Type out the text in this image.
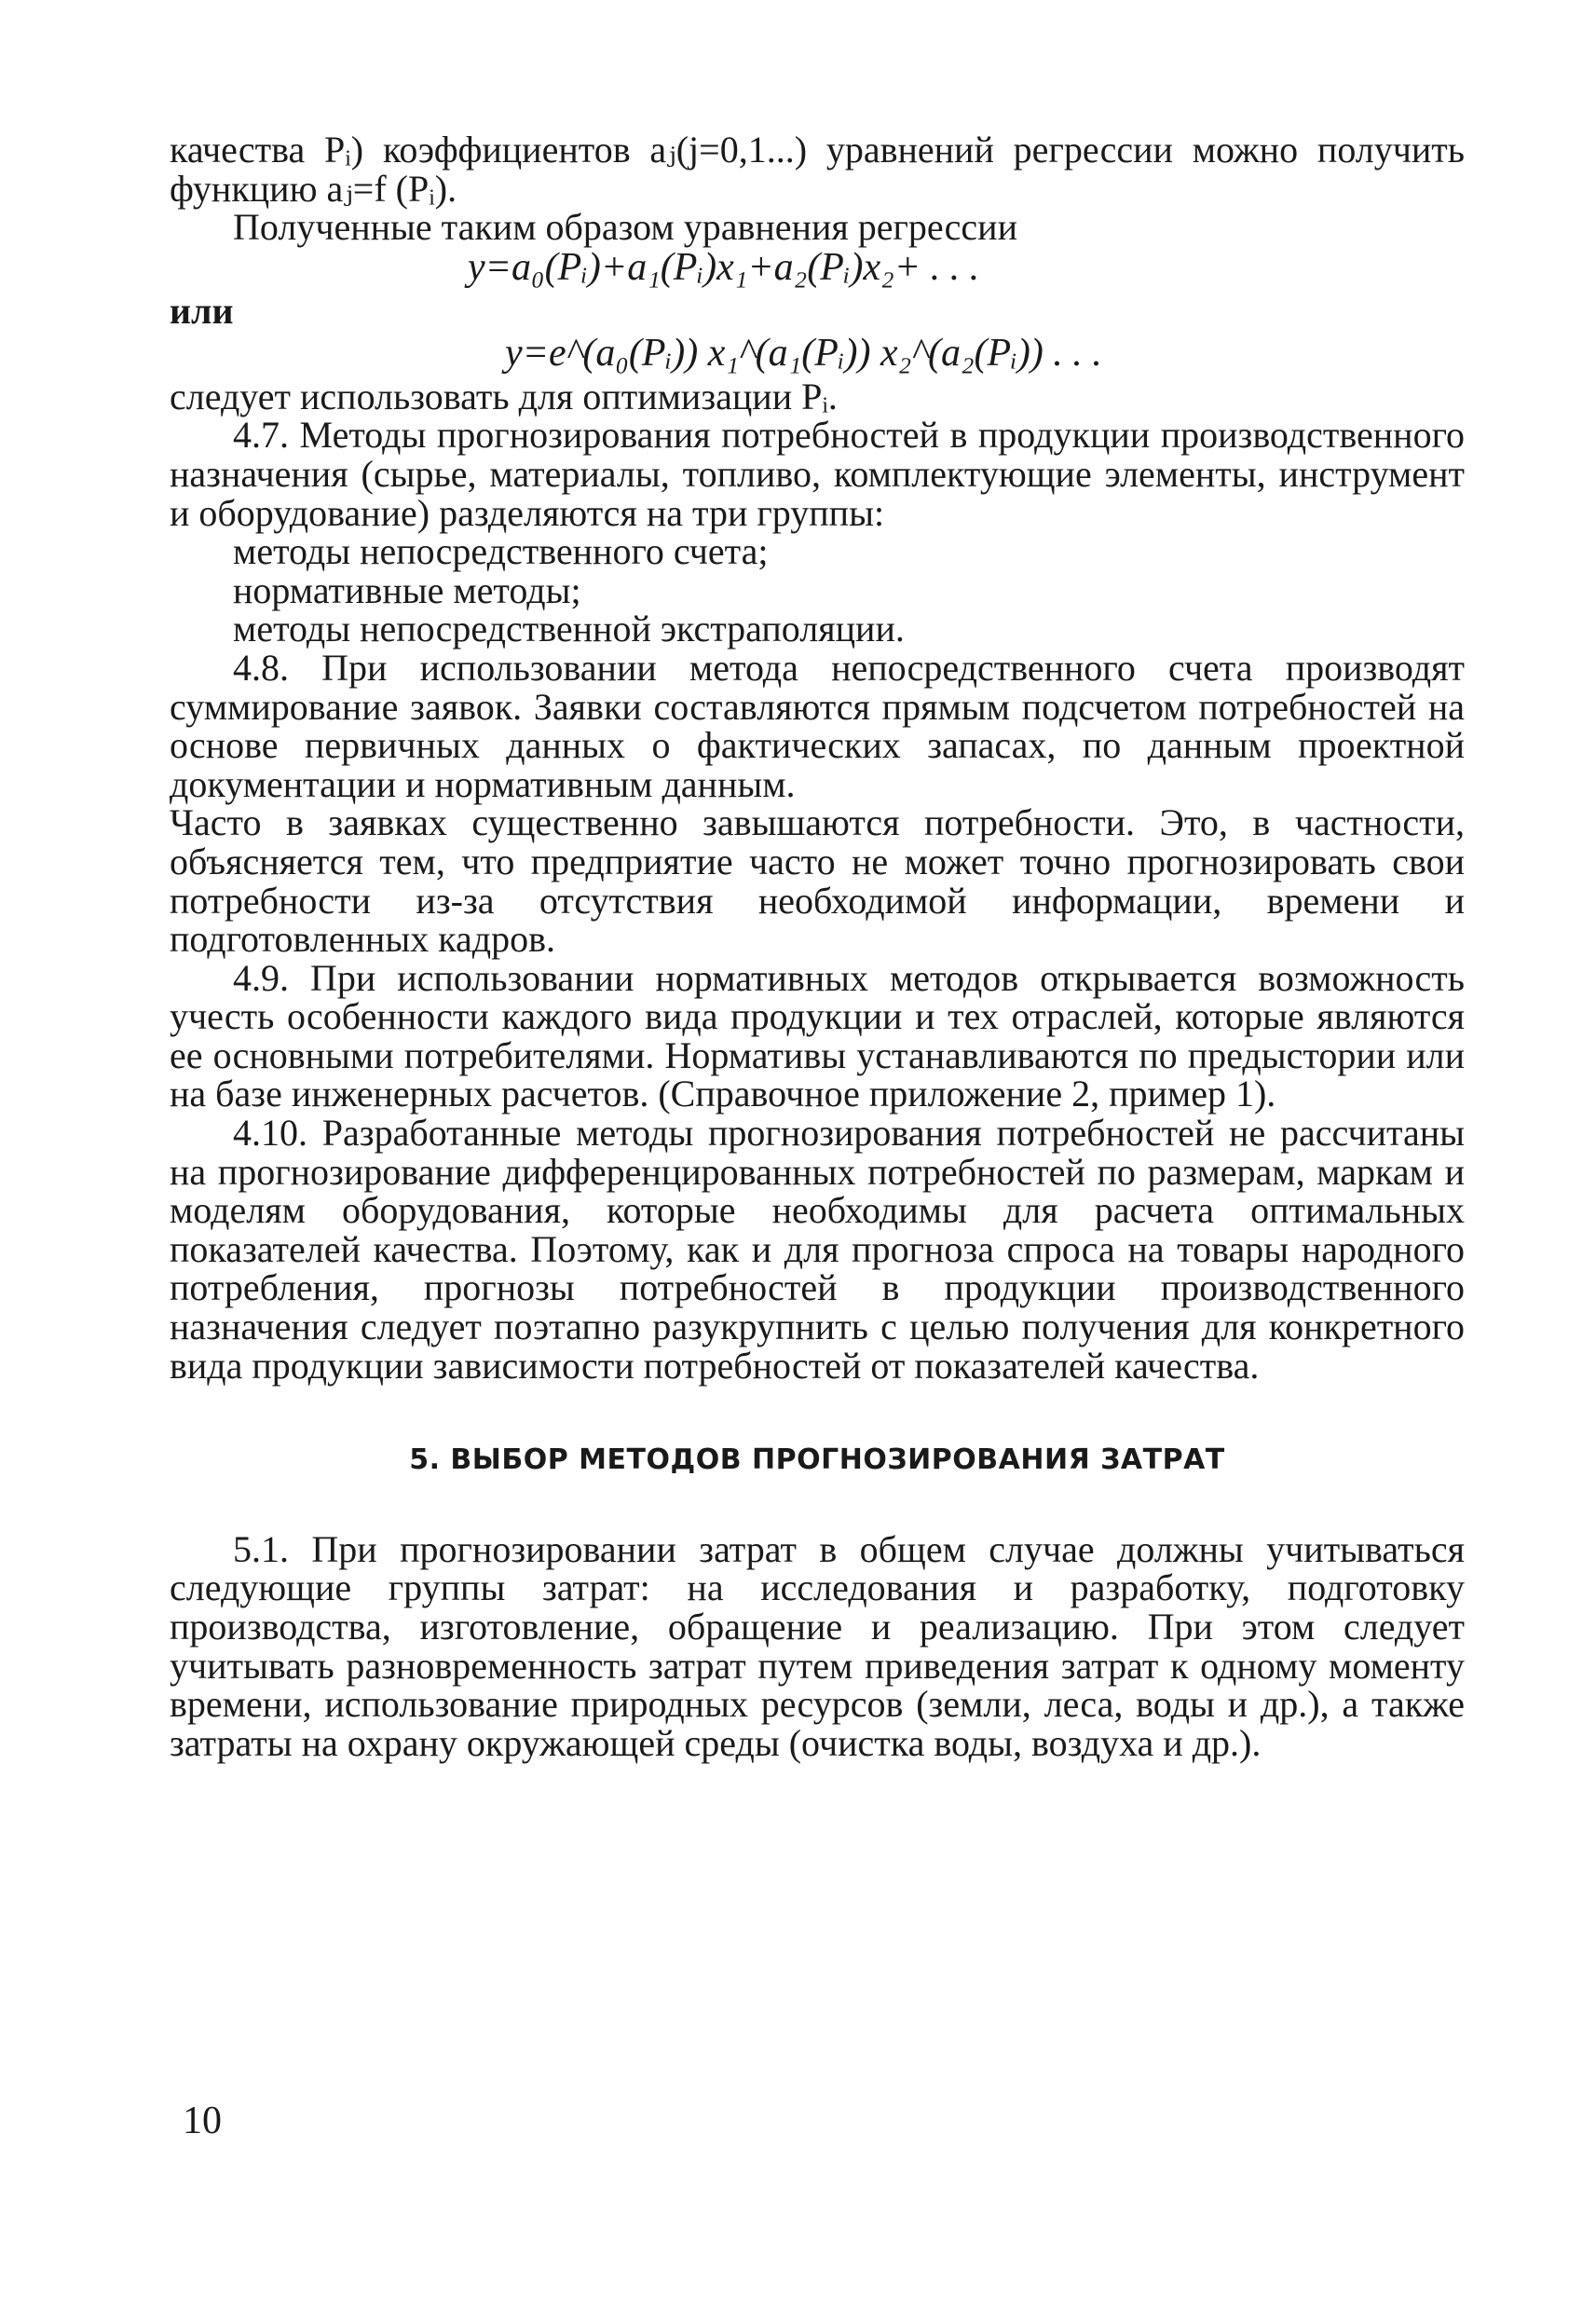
качества Pᵢ) коэффициентов aⱼ(j=0,1...) уравнений регрессии можно получить функцию aⱼ=f (Pᵢ).

Полученные таким образом уравнения регрессии

y=a₀(Pᵢ)+a₁(Pᵢ)x₁+a₂(Pᵢ)x₂+ . . .

или

y=e^(a₀(Pᵢ)) x₁^(a₁(Pᵢ)) x₂^(a₂(Pᵢ)) . . .

следует использовать для оптимизации Pᵢ.

4.7. Методы прогнозирования потребностей в продукции производственного назначения (сырье, материалы, топливо, комплектующие элементы, инструмент и оборудование) разделяются на три группы:

методы непосредственного счета;

нормативные методы;

методы непосредственной экстраполяции.

4.8. При использовании метода непосредственного счета производят суммирование заявок. Заявки составляются прямым подсчетом потребностей на основе первичных данных о фактических запасах, по данным проектной документации и нормативным данным.

Часто в заявках существенно завышаются потребности. Это, в частности, объясняется тем, что предприятие часто не может точно прогнозировать свои потребности из-за отсутствия необходимой информации, времени и подготовленных кадров.

4.9. При использовании нормативных методов открывается возможность учесть особенности каждого вида продукции и тех отраслей, которые являются ее основными потребителями. Нормативы устанавливаются по предыстории или на базе инженерных расчетов. (Справочное приложение 2, пример 1).

4.10. Разработанные методы прогнозирования потребностей не рассчитаны на прогнозирование дифференцированных потребностей по размерам, маркам и моделям оборудования, которые необходимы для расчета оптимальных показателей качества. Поэтому, как и для прогноза спроса на товары народного потребления, прогнозы потребностей в продукции производственного назначения следует поэтапно разукрупнить с целью получения для конкретного вида продукции зависимости потребностей от показателей качества.

5. ВЫБОР МЕТОДОВ ПРОГНОЗИРОВАНИЯ ЗАТРАТ

5.1. При прогнозировании затрат в общем случае должны учитываться следующие группы затрат: на исследования и разработку, подготовку производства, изготовление, обращение и реализацию. При этом следует учитывать разновременность затрат путем приведения затрат к одному моменту времени, использование природных ресурсов (земли, леса, воды и др.), а также затраты на охрану окружающей среды (очистка воды, воздуха и др.).

10
